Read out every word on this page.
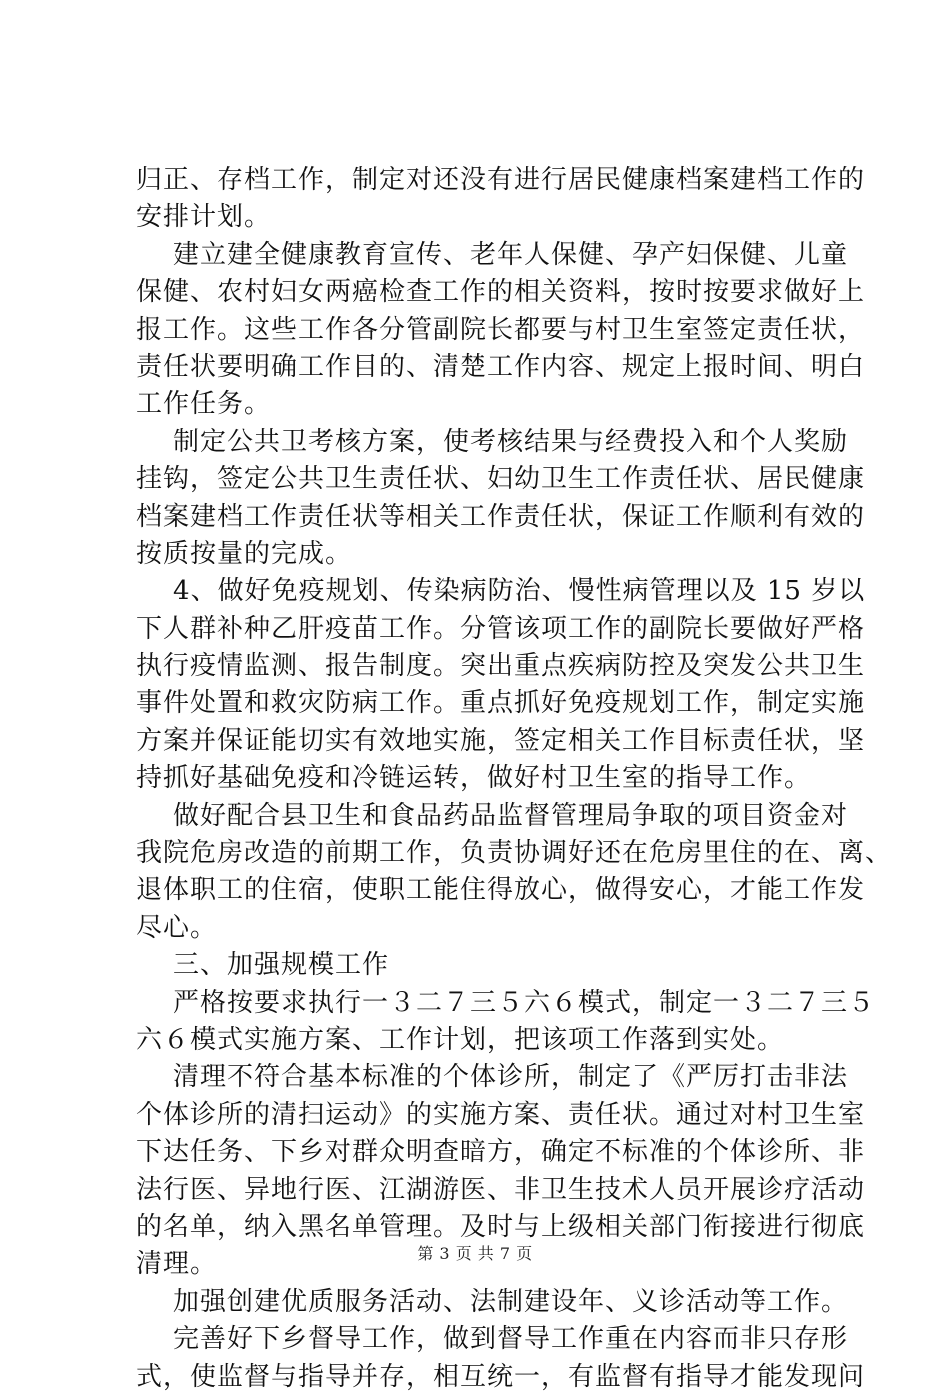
归正、存档工作，制定对还没有进行居民健康档案建档工作的
安排计划。
建立建全健康教育宣传、老年人保健、孕产妇保健、儿童
保健、农村妇女两癌检查工作的相关资料，按时按要求做好上
报工作。这些工作各分管副院长都要与村卫生室签定责任状，
责任状要明确工作目的、清楚工作内容、规定上报时间、明白
工作任务。
制定公共卫考核方案，使考核结果与经费投入和个人奖励
挂钩，签定公共卫生责任状、妇幼卫生工作责任状、居民健康
档案建档工作责任状等相关工作责任状，保证工作顺利有效的
按质按量的完成。
4、做好免疫规划、传染病防治、慢性病管理以及 15 岁以
下人群补种乙肝疫苗工作。分管该项工作的副院长要做好严格
执行疫情监测、报告制度。突出重点疾病防控及突发公共卫生
事件处置和救灾防病工作。重点抓好免疫规划工作，制定实施
方案并保证能切实有效地实施，签定相关工作目标责任状，坚
持抓好基础免疫和冷链运转，做好村卫生室的指导工作。
做好配合县卫生和食品药品监督管理局争取的项目资金对
我院危房改造的前期工作，负责协调好还在危房里住的在、离、
退体职工的住宿，使职工能住得放心，做得安心，才能工作发
尽心。
三、加强规模工作
严格按要求执行一３二７三５六６模式，制定一３二７三５
六６模式实施方案、工作计划，把该项工作落到实处。
清理不符合基本标准的个体诊所，制定了《严厉打击非法
个体诊所的清扫运动》的实施方案、责任状。通过对村卫生室
下达任务、下乡对群众明查暗方，确定不标准的个体诊所、非
法行医、异地行医、江湖游医、非卫生技术人员开展诊疗活动
的名单，纳入黑名单管理。及时与上级相关部门衔接进行彻底
清理。
加强创建优质服务活动、法制建设年、义诊活动等工作。
完善好下乡督导工作，做到督导工作重在内容而非只存形
式，使监督与指导并存，相互统一，有监督有指导才能发现问
第 3 页 共 7 页
